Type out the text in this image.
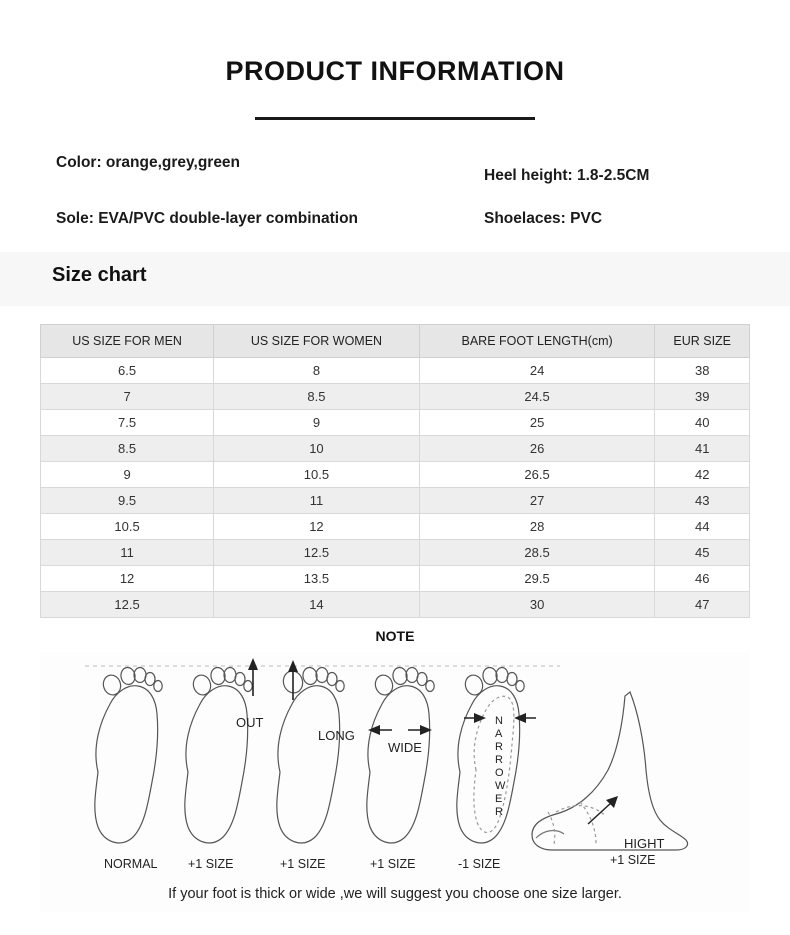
PRODUCT INFORMATION
Color: orange,grey,green
Heel height: 1.8-2.5CM
Sole: EVA/PVC double-layer combination	Shoelaces: PVC
Size chart
US SIZE FOR MEN	US SIZE FOR WOMEN	BARE FOOT LENGTH(cm)	EUR SIZE
6.5	8	24	38
7	8.5	24.5	39
7.5	9	25	40
8.5	10	26	41
9	10.5	26.5	42
9.5	11	27	43
10.5	12	28	44
11	12.5	28.5	45
12	13.5	29.5	46
12.5	14	30	47
NOTE
OUT
LONG
WIDE
N
A
R
R
O
W
E
R
HIGHT
NORMAL +1 SIZE	+1 SIZE	+1 SIZE	-1 SIZE	+1 SIZE
If your foot is thick or wide ,we will suggest you choose one size larger.
